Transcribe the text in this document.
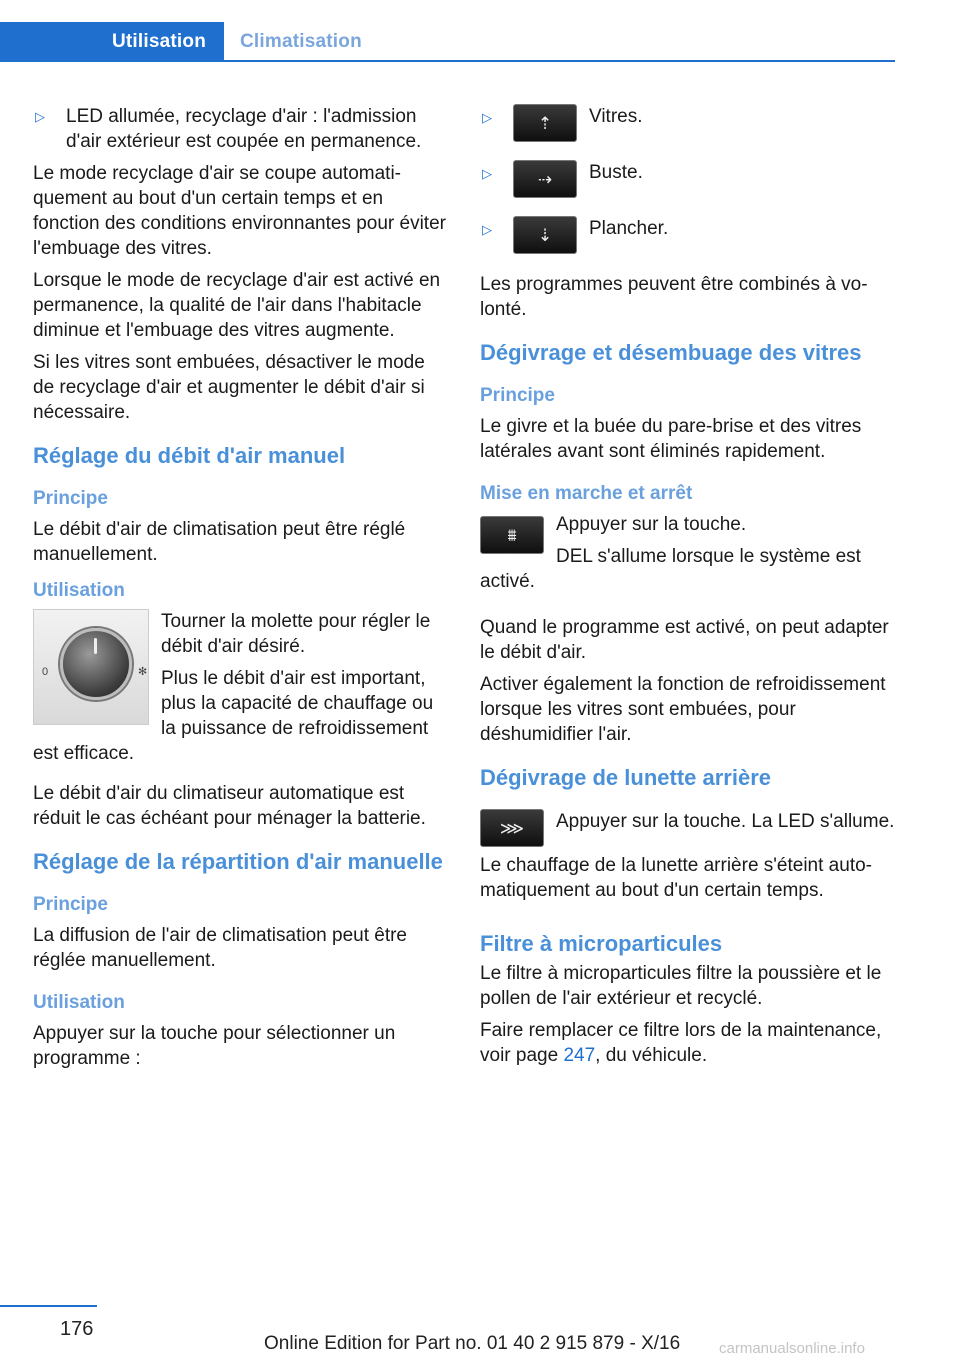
Utilisation	Climatisation
▷	LED allumée, recyclage d'air : l'admission d'air extérieur est coupée en permanence.

Le mode recyclage d'air se coupe automatiquement au bout d'un certain temps et en fonction des conditions environnantes pour éviter l'embuage des vitres.

Lorsque le mode de recyclage d'air est activé en permanence, la qualité de l'air dans l'habitacle diminue et l'embuage des vitres augmente.

Si les vitres sont embuées, désactiver le mode de recyclage d'air et augmenter le débit d'air si nécessaire.

Réglage du débit d'air manuel
Principe

Le débit d'air de climatisation peut être réglé manuellement.

Utilisation
0	✻

Tourner la molette pour régler le débit d'air désiré.

Plus le débit d'air est important, plus la capacité de chauffage ou la puissance de refroidissement est efficace.

Le débit d'air du climatiseur automatique est réduit le cas échéant pour ménager la batterie.

Réglage de la répartition d'air manuelle
Principe

La diffusion de l'air de climatisation peut être réglée manuellement.

Utilisation

Appuyer sur la touche pour sélectionner un programme :

▷	⇡	Vitres.
▷	⇢	Buste.
▷	⇣	Plancher.

Les programmes peuvent être combinés à volonté.

Dégivrage et désembuage des vitres
Principe

Le givre et la buée du pare-brise et des vitres latérales avant sont éliminés rapidement.

Mise en marche et arrêt
⩩	Appuyer sur la touche.

DEL s'allume lorsque le système est activé.

Quand le programme est activé, on peut adapter le débit d'air.

Activer également la fonction de refroidissement lorsque les vitres sont embuées, pour déshumidifier l'air.

Dégivrage de lunette arrière
⋙	Appuyer sur la touche. La LED s'allume.

Le chauffage de la lunette arrière s'éteint automatiquement au bout d'un certain temps.

Filtre à microparticules

Le filtre à microparticules filtre la poussière et le pollen de l'air extérieur et recyclé.

Faire remplacer ce filtre lors de la maintenance, voir page 247, du véhicule.

176
Online Edition for Part no. 01 40 2 915 879 - X/16	carmanualsonline.info
